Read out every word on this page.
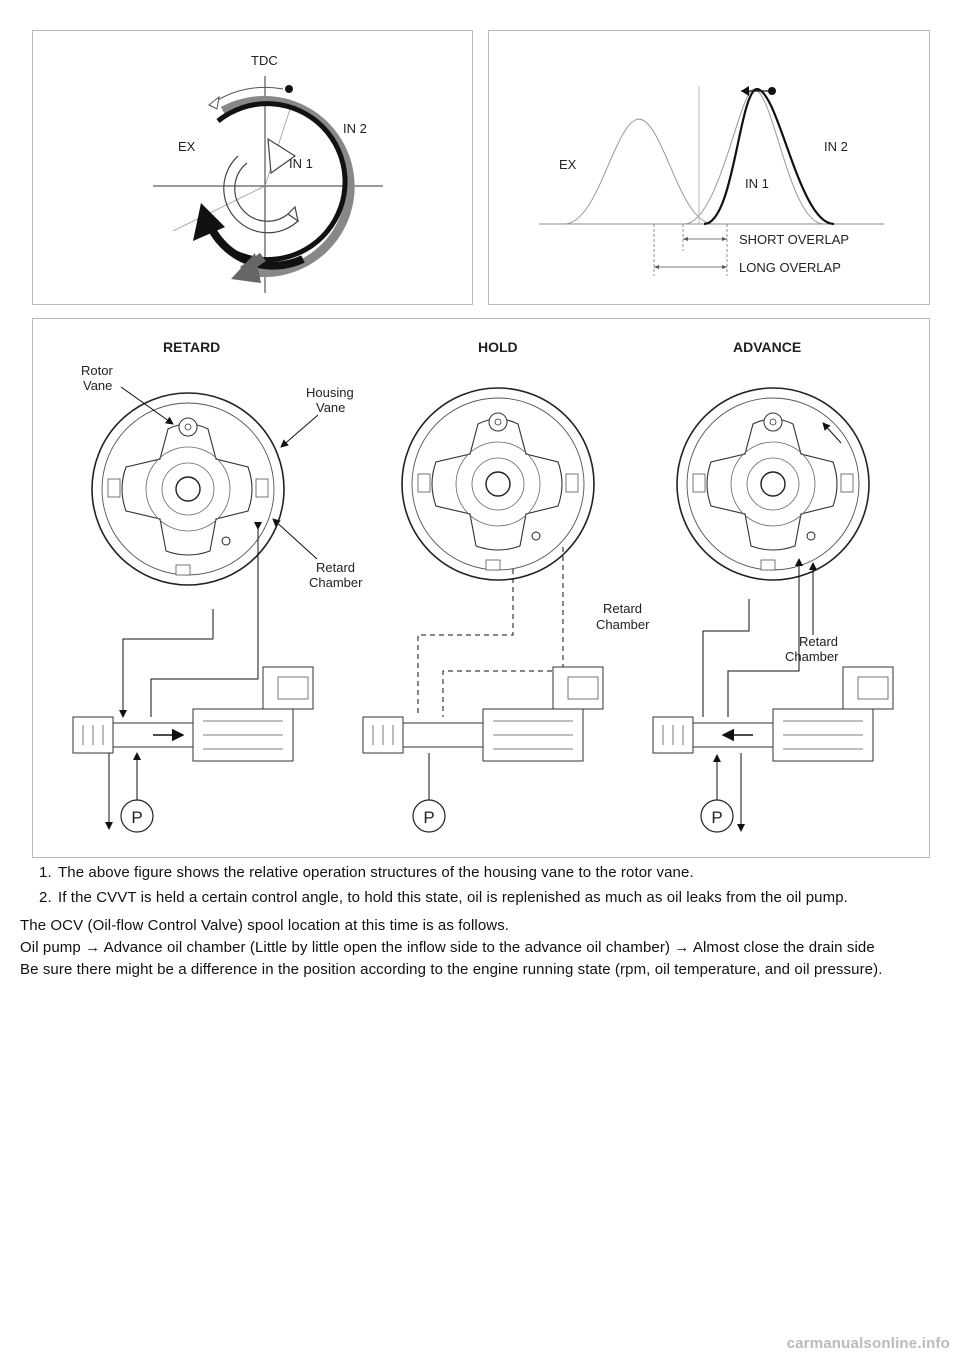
TDC
EX
IN 1
IN 2
EX
IN 1
IN 2
SHORT OVERLAP
LONG OVERLAP
RETARD	HOLD	ADVANCE
Rotor
Vane	Housing
Vane
Retard
Chamber
P
Retard
Chamber
P
Retard
Chamber
P
1. The above figure shows the relative operation structures of the housing vane to the rotor vane.
2. If the CVVT is held a certain control angle, to hold this state, oil is replenished as much as oil leaks from the oil pump.

The OCV (Oil-flow Control Valve) spool location at this time is as follows.

Oil pump → Advance oil chamber (Little by little open the inflow side to the advance oil chamber) → Almost close the drain side

Be sure there might be a difference in the position according to the engine running state (rpm, oil temperature, and oil pressure).

carmanualsonline.info
